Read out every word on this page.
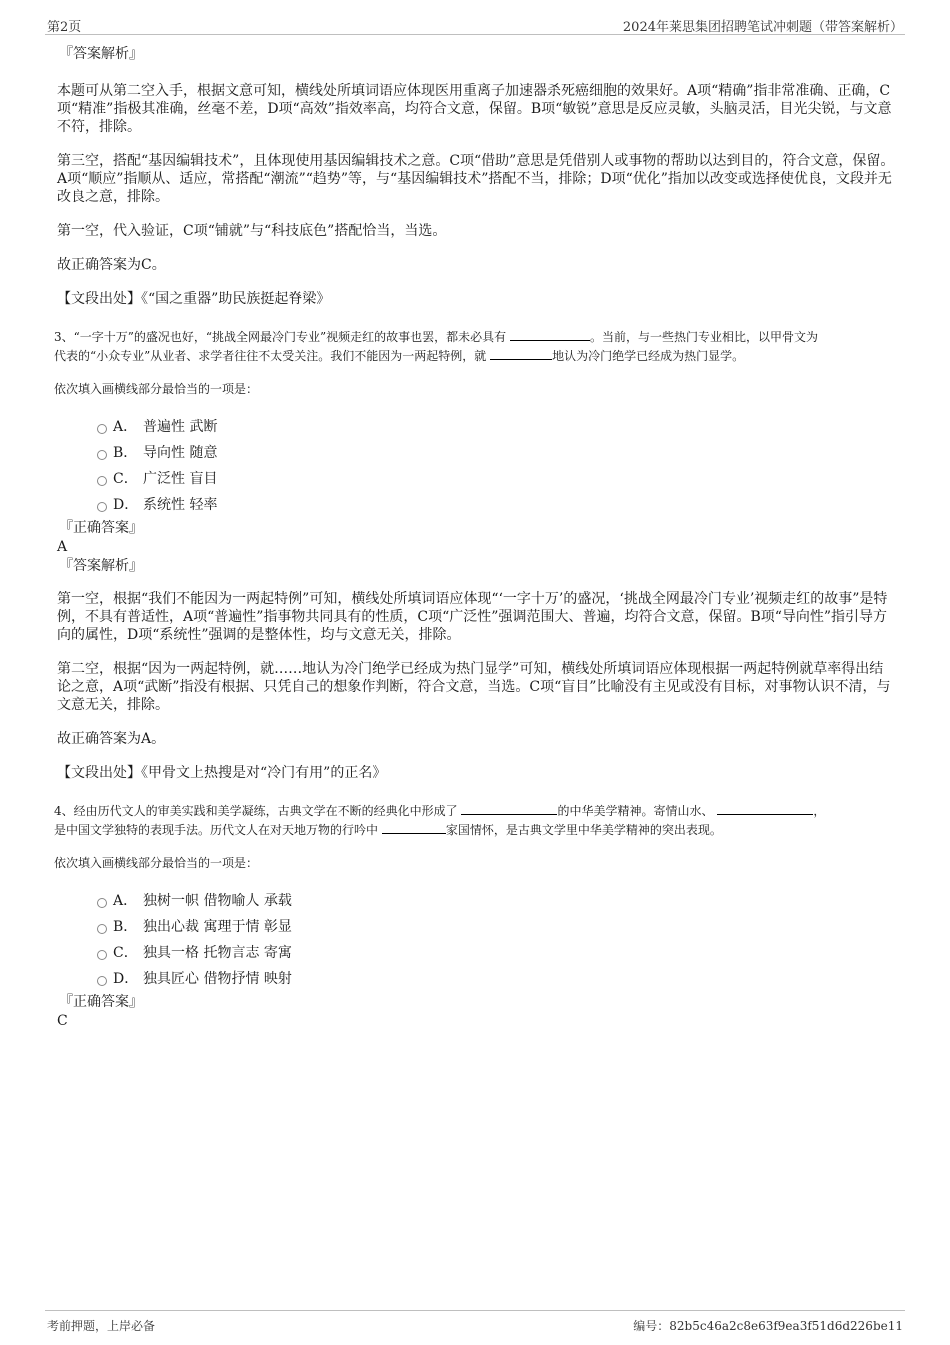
第2页	2024年莱思集团招聘笔试冲刺题（带答案解析）

『答案解析』

本题可从第二空入手，根据文意可知，横线处所填词语应体现医用重离子加速器杀死癌细胞的效果好。A项“精确”指非常准确、正确，C项“精准”指极其准确，丝毫不差，D项“高效”指效率高，均符合文意，保留。B项“敏锐”意思是反应灵敏，头脑灵活，目光尖锐，与文意不符，排除。

第三空，搭配“基因编辑技术”，且体现使用基因编辑技术之意。C项“借助”意思是凭借别人或事物的帮助以达到目的，符合文意，保留。A项“顺应”指顺从、适应，常搭配“潮流”“趋势”等，与“基因编辑技术”搭配不当，排除；D项“优化”指加以改变或选择使优良，文段并无改良之意，排除。

第一空，代入验证，C项“铺就”与“科技底色”搭配恰当，当选。

故正确答案为C。

【文段出处】《“国之重器”助民族挺起脊梁》

3、“一字十万”的盛况也好，“挑战全网最冷门专业”视频走红的故事也罢，都未必具有	。当前，与一些热门专业相比，以甲骨文为
代表的“小众专业”从业者、求学者往往不太受关注。我们不能因为一两起特例，就	地认为冷门绝学已经成为热门显学。
依次填入画横线部分最恰当的一项是：
A． 普遍性 武断
B． 导向性 随意
C． 广泛性 盲目
D． 系统性 轻率

『正确答案』

A

『答案解析』

第一空，根据“我们不能因为一两起特例”可知，横线处所填词语应体现“‘一字十万’的盛况，‘挑战全网最冷门专业’视频走红的故事”是特例，不具有普适性，A项“普遍性”指事物共同具有的性质，C项“广泛性”强调范围大、普遍，均符合文意，保留。B项“导向性”指引导方向的属性，D项“系统性”强调的是整体性，均与文意无关，排除。

第二空，根据“因为一两起特例，就……地认为冷门绝学已经成为热门显学”可知，横线处所填词语应体现根据一两起特例就草率得出结论之意，A项“武断”指没有根据、只凭自己的想象作判断，符合文意，当选。C项“盲目”比喻没有主见或没有目标，对事物认识不清，与文意无关，排除。

故正确答案为A。

【文段出处】《甲骨文上热搜是对“冷门有用”的正名》

4、经由历代文人的审美实践和美学凝练，古典文学在不断的经典化中形成了	的中华美学精神。寄情山水、	，
是中国文学独特的表现手法。历代文人在对天地万物的行吟中	家国情怀，是古典文学里中华美学精神的突出表现。
依次填入画横线部分最恰当的一项是：
A． 独树一帜 借物喻人 承载
B． 独出心裁 寓理于情 彰显
C． 独具一格 托物言志 寄寓
D． 独具匠心 借物抒情 映射

『正确答案』

C

考前押题，上岸必备	编号：82b5c46a2c8e63f9ea3f51d6d226be11
